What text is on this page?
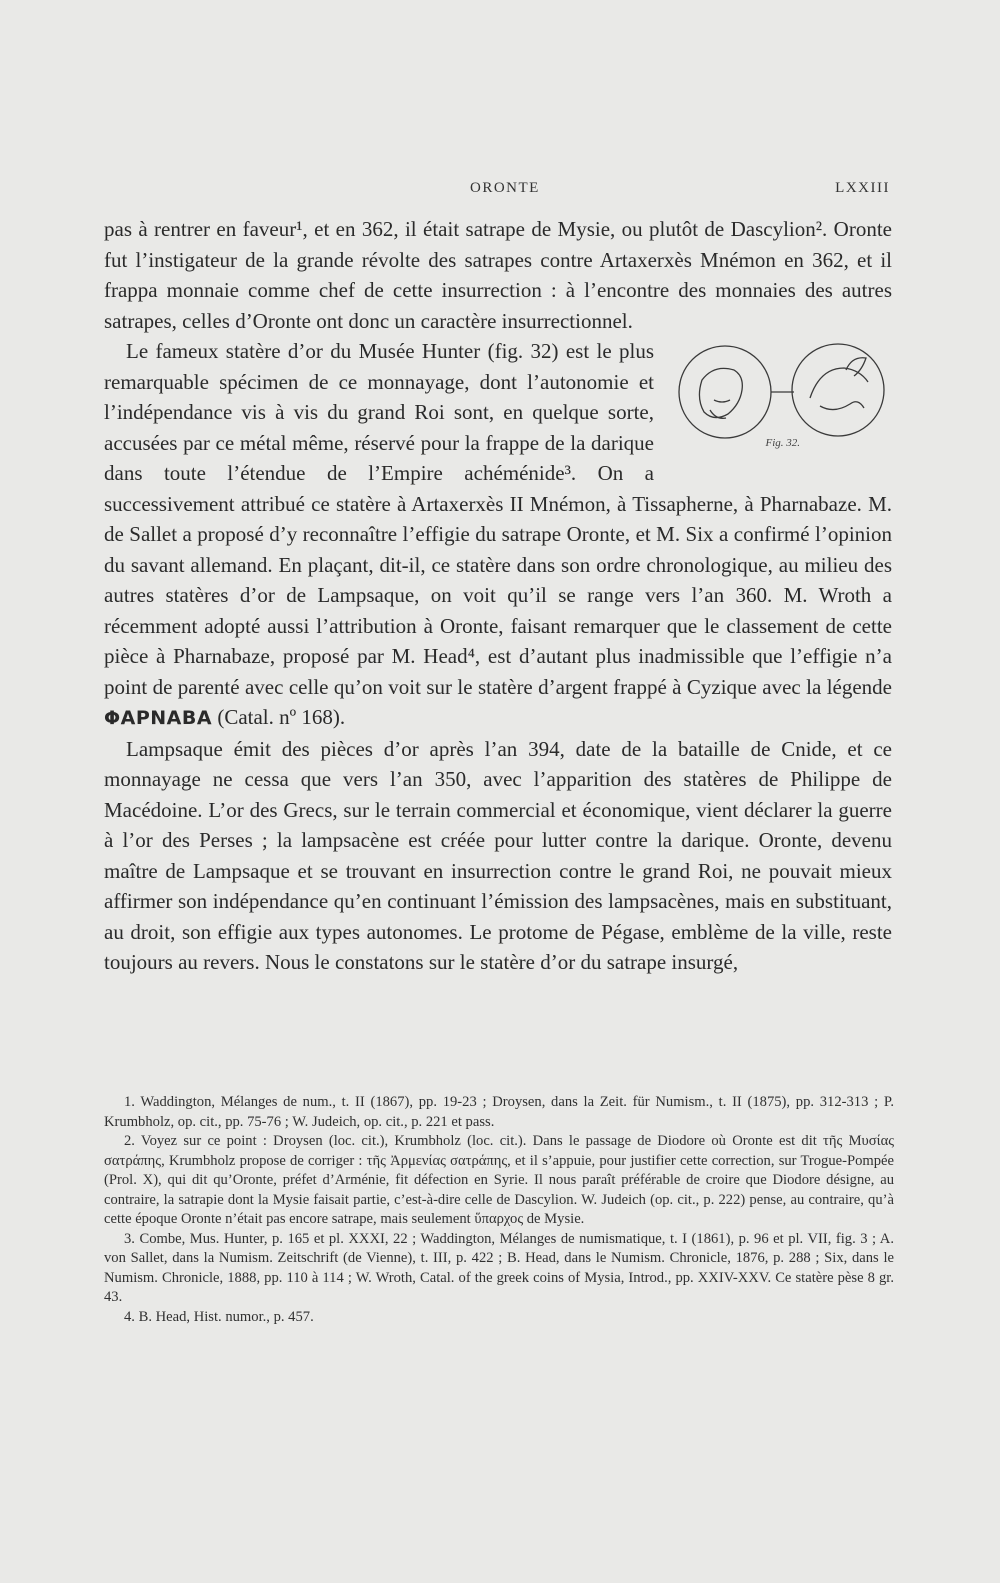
ORONTE	LXXIII

pas à rentrer en faveur¹, et en 362, il était satrape de Mysie, ou plutôt de Dascylion². Oronte fut l’instigateur de la grande révolte des satrapes contre Artaxerxès Mnémon en 362, et il frappa monnaie comme chef de cette insurrection : à l’encontre des monnaies des autres satrapes, celles d’Oronte ont donc un caractère insurrectionnel.

Fig. 32.

Le fameux statère d’or du Musée Hunter (fig. 32) est le plus remarquable spécimen de ce monnayage, dont l’autonomie et l’indépendance vis à vis du grand Roi sont, en quelque sorte, accusées par ce métal même, réservé pour la frappe de la darique dans toute l’étendue de l’Empire achéménide³. On a successivement attribué ce statère à Artaxerxès II Mnémon, à Tissapherne, à Pharnabaze. M. de Sallet a proposé d’y reconnaître l’effigie du satrape Oronte, et M. Six a confirmé l’opinion du savant allemand. En plaçant, dit-il, ce statère dans son ordre chronologique, au milieu des autres statères d’or de Lampsaque, on voit qu’il se range vers l’an 360. M. Wroth a récemment adopté aussi l’attribution à Oronte, faisant remarquer que le classement de cette pièce à Pharnabaze, proposé par M. Head⁴, est d’autant plus inadmissible que l’effigie n’a point de parenté avec celle qu’on voit sur le statère d’argent frappé à Cyzique avec la légende ΦΑΡΝΑΒΑ (Catal. nº 168).

Lampsaque émit des pièces d’or après l’an 394, date de la bataille de Cnide, et ce monnayage ne cessa que vers l’an 350, avec l’apparition des statères de Philippe de Macédoine. L’or des Grecs, sur le terrain commercial et économique, vient déclarer la guerre à l’or des Perses ; la lampsacène est créée pour lutter contre la darique. Oronte, devenu maître de Lampsaque et se trouvant en insurrection contre le grand Roi, ne pouvait mieux affirmer son indépendance qu’en continuant l’émission des lampsacènes, mais en substituant, au droit, son effigie aux types autonomes. Le protome de Pégase, emblème de la ville, reste toujours au revers. Nous le constatons sur le statère d’or du satrape insurgé,

1. Waddington, Mélanges de num., t. II (1867), pp. 19-23 ; Droysen, dans la Zeit. für Numism., t. II (1875), pp. 312-313 ; P. Krumbholz, op. cit., pp. 75-76 ; W. Judeich, op. cit., p. 221 et pass.

2. Voyez sur ce point : Droysen (loc. cit.), Krumbholz (loc. cit.). Dans le passage de Diodore où Oronte est dit τῆς Μυσίας σατράπης, Krumbholz propose de corriger : τῆς Ἀρμενίας σατράπης, et il s’appuie, pour justifier cette correction, sur Trogue-Pompée (Prol. X), qui dit qu’Oronte, préfet d’Arménie, fit défection en Syrie. Il nous paraît préférable de croire que Diodore désigne, au contraire, la satrapie dont la Mysie faisait partie, c’est-à-dire celle de Dascylion. W. Judeich (op. cit., p. 222) pense, au contraire, qu’à cette époque Oronte n’était pas encore satrape, mais seulement ὕπαρχος de Mysie.

3. Combe, Mus. Hunter, p. 165 et pl. XXXI, 22 ; Waddington, Mélanges de numismatique, t. I (1861), p. 96 et pl. VII, fig. 3 ; A. von Sallet, dans la Numism. Zeitschrift (de Vienne), t. III, p. 422 ; B. Head, dans le Numism. Chronicle, 1876, p. 288 ; Six, dans le Numism. Chronicle, 1888, pp. 110 à 114 ; W. Wroth, Catal. of the greek coins of Mysia, Introd., pp. XXIV-XXV. Ce statère pèse 8 gr. 43.

4. B. Head, Hist. numor., p. 457.
